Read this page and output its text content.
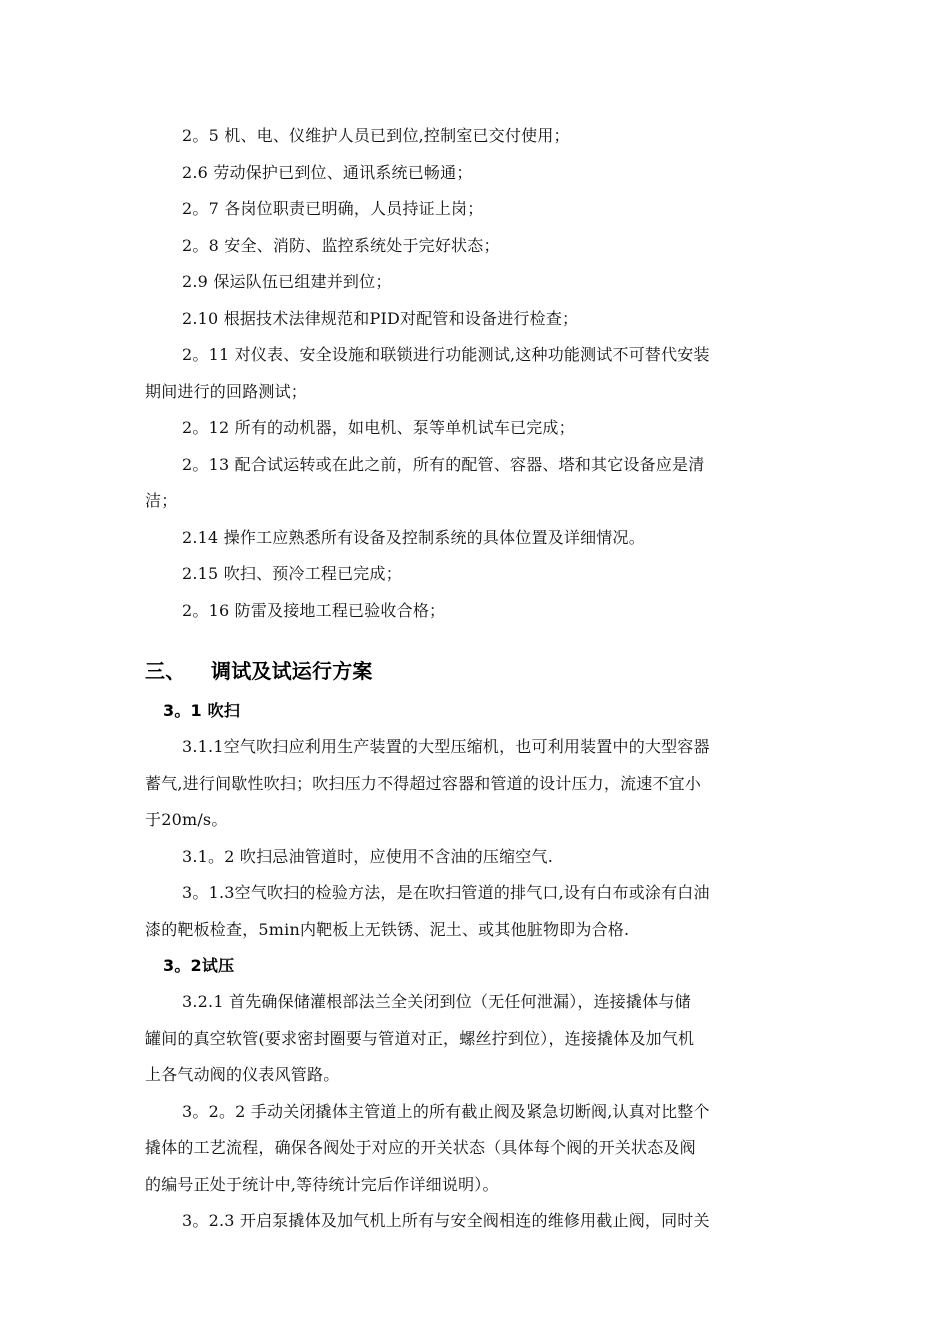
2。5 机、电、仪维护人员已到位,控制室已交付使用；

2.6 劳动保护已到位、通讯系统已畅通；

2。7 各岗位职责已明确，人员持证上岗；

2。8 安全、消防、监控系统处于完好状态；

2.9 保运队伍已组建并到位；

2.10 根据技术法律规范和PID对配管和设备进行检查；

2。11 对仪表、安全设施和联锁进行功能测试,这种功能测试不可替代安装

期间进行的回路测试；

2。12 所有的动机器，如电机、泵等单机试车已完成；

2。13 配合试运转或在此之前，所有的配管、容器、塔和其它设备应是清

洁；

2.14 操作工应熟悉所有设备及控制系统的具体位置及详细情况。

2.15 吹扫、预冷工程已完成；

2。16 防雷及接地工程已验收合格；

三、 调试及试运行方案

3。1 吹扫

3.1.1空气吹扫应利用生产装置的大型压缩机，也可利用装置中的大型容器

蓄气,进行间歇性吹扫；吹扫压力不得超过容器和管道的设计压力，流速不宜小

于20m/s。

3.1。2 吹扫忌油管道时，应使用不含油的压缩空气.

3。1.3空气吹扫的检验方法，是在吹扫管道的排气口,设有白布或涂有白油

漆的靶板检查，5min内靶板上无铁锈、泥土、或其他脏物即为合格.

3。2试压

3.2.1 首先确保储灌根部法兰全关闭到位（无任何泄漏），连接撬体与储

罐间的真空软管(要求密封圈要与管道对正，螺丝拧到位），连接撬体及加气机

上各气动阀的仪表风管路。

3。2。2 手动关闭撬体主管道上的所有截止阀及紧急切断阀,认真对比整个

撬体的工艺流程，确保各阀处于对应的开关状态（具体每个阀的开关状态及阀

的编号正处于统计中,等待统计完后作详细说明）。

3。2.3 开启泵撬体及加气机上所有与安全阀相连的维修用截止阀，同时关
